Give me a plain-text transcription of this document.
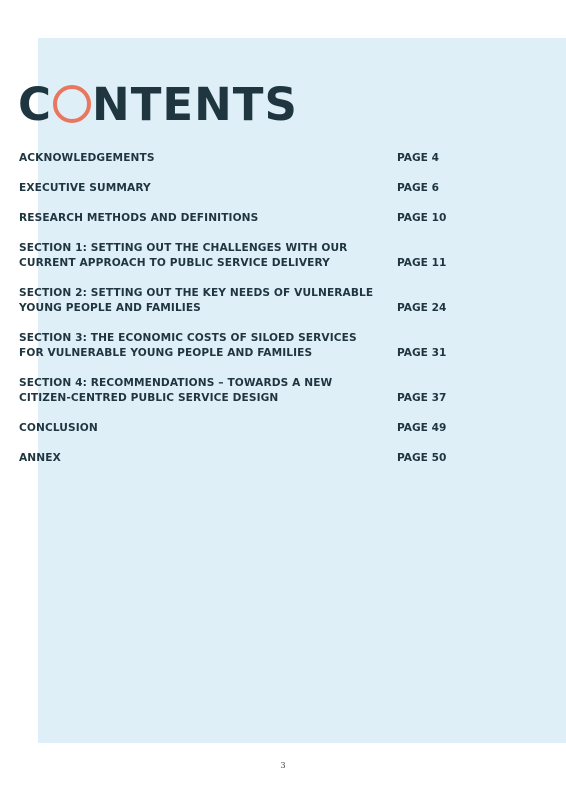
C NTENTS
ACKNOWLEDGEMENTS	PAGE 4
EXECUTIVE SUMMARY	PAGE 6
RESEARCH METHODS AND DEFINITIONS	PAGE 10
SECTION 1: SETTING OUT THE CHALLENGES WITH OUR
CURRENT APPROACH TO PUBLIC SERVICE DELIVERY	PAGE 11
SECTION 2: SETTING OUT THE KEY NEEDS OF VULNERABLE
YOUNG PEOPLE AND FAMILIES	PAGE 24
SECTION 3: THE ECONOMIC COSTS OF SILOED SERVICES
FOR VULNERABLE YOUNG PEOPLE AND FAMILIES	PAGE 31
SECTION 4: RECOMMENDATIONS – TOWARDS A NEW
CITIZEN-CENTRED PUBLIC SERVICE DESIGN	PAGE 37
CONCLUSION	PAGE 49
ANNEX	PAGE 50
3
